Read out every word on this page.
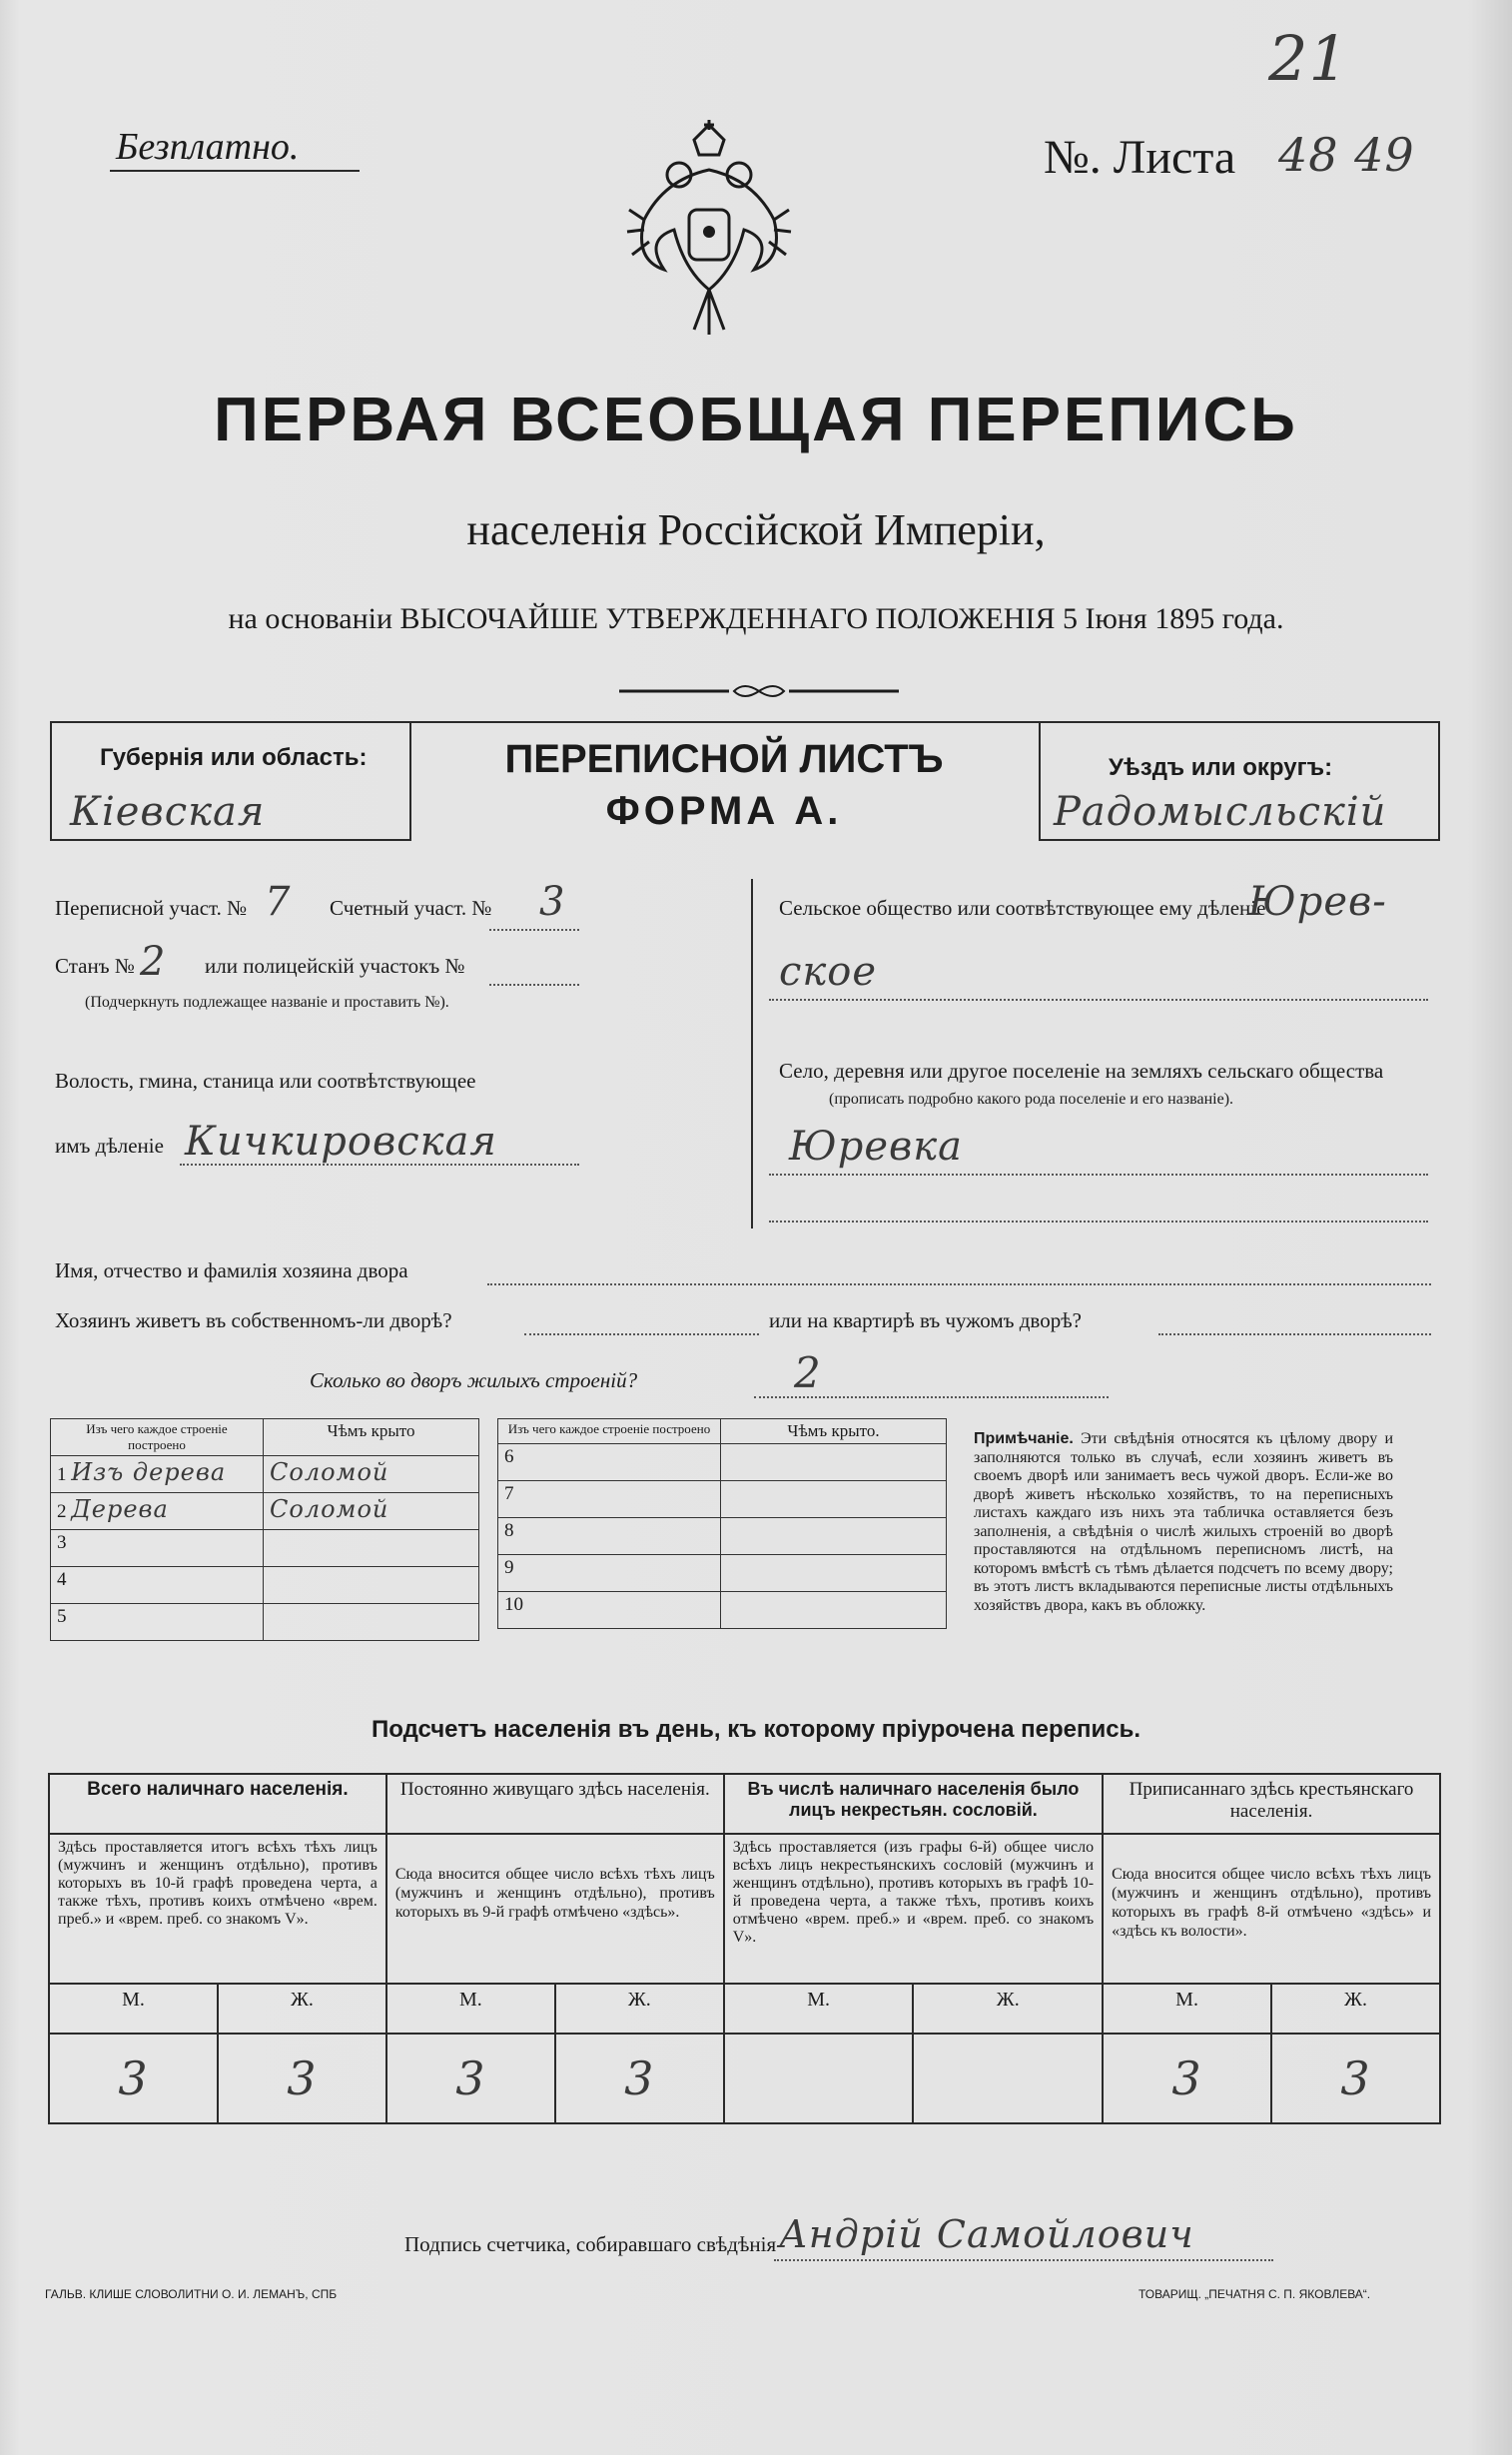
21
Безплатно.	№. Листа 48 49
ПЕРВАЯ ВСЕОБЩАЯ ПЕРЕПИСЬ
населенія Россійской Имперіи,
на основаніи ВЫСОЧАЙШЕ УТВЕРЖДЕННАГО ПОЛОЖЕНІЯ 5 Іюня 1895 года.
Губернія или область:
Кiевская
ПЕРЕПИСНОЙ ЛИСТЪ
ФОРМА А.
Уѣздъ или округъ:
Радомысльскiй
Переписной участ. № 7 Счетный участ. № 3
Станъ № 2 или полицейскій участокъ №
(Подчеркнуть подлежащее названіе и проставить №).
Волость, гмина, станица или соотвѣтствующее
имъ дѣленіе Кичкировская
Сельское общество или соотвѣтствующее ему дѣленіе
Юрев-
ское
Село, деревня или другое поселеніе на земляхъ сельскаго общества
(прописать подробно какого рода поселеніе и его названіе).
Юревка
Имя, отчество и фамилія хозяина двора
Хозяинъ живетъ въ собственномъ-ли дворѣ?	или на квартирѣ въ чужомъ дворѣ?
Сколько во дворъ жилыхъ строеній?	2
Изъ чего каждое строеніе построено	Чѣмъ крыто
1 Изъ дерева	Соломой
2 Дерева	Соломой
3	
4	
5	
Изъ чего каждое строеніе построено	Чѣмъ крыто.
6	
7	
8	
9	
10	
Примѣчаніе. Эти свѣдѣнія относятся къ цѣлому двору и заполняются только въ случаѣ, если хозяинъ живетъ въ своемъ дворѣ или занимаетъ весь чужой дворъ. Если-же во дворѣ живетъ нѣсколько хозяйствъ, то на переписныхъ листахъ каждаго изъ нихъ эта табличка оставляется безъ заполненія, а свѣдѣнія о числѣ жилыхъ строеній во дворѣ проставляются на отдѣльномъ переписномъ листѣ, на которомъ вмѣстѣ съ тѣмъ дѣлается подсчетъ по всему двору; въ этотъ листъ вкладываются переписные листы отдѣльныхъ хозяйствъ двора, какъ въ обложку.
Подсчетъ населенія въ день, къ которому пріурочена перепись.
Всего наличнаго населенія.		Постоянно живущаго здѣсь населенія.		Въ числѣ наличнаго населенія было лицъ некрестьян. сословій.		Приписаннаго здѣсь крестьянскаго населенія.	
Здѣсь проставляется итогъ всѣхъ тѣхъ лицъ (мужчинъ и женщинъ отдѣльно), противъ которыхъ въ 10-й графѣ проведена черта, а также тѣхъ, противъ коихъ отмѣчено «врем. преб.» и «врем. преб. со знакомъ V».		Сюда вносится общее число всѣхъ тѣхъ лицъ (мужчинъ и женщинъ отдѣльно), противъ которыхъ въ 9-й графѣ отмѣчено «здѣсь».		Здѣсь проставляется (изъ графы 6-й) общее число всѣхъ лицъ некрестьянскихъ сословій (мужчинъ и женщинъ отдѣльно), противъ которыхъ въ графѣ 10-й проведена черта, а также тѣхъ, противъ коихъ отмѣчено «врем. преб.» и «врем. преб. со знакомъ V».		Сюда вносится общее число всѣхъ тѣхъ лицъ (мужчинъ и женщинъ отдѣльно), противъ которыхъ въ графѣ 8-й отмѣчено «здѣсь» и «здѣсь къ волости».	
М.	Ж.	М.	Ж.	М.	Ж.	М.	Ж.
3	3	3	3			3	3
Подпись счетчика, собиравшаго свѣдѣнія Андрiй Самойлович
ГАЛЬВ. КЛИШЕ СЛОВОЛИТНИ О. И. ЛЕМАНЪ, СПБ	ТОВАРИЩ. „ПЕЧАТНЯ С. П. ЯКОВЛЕВА“.
